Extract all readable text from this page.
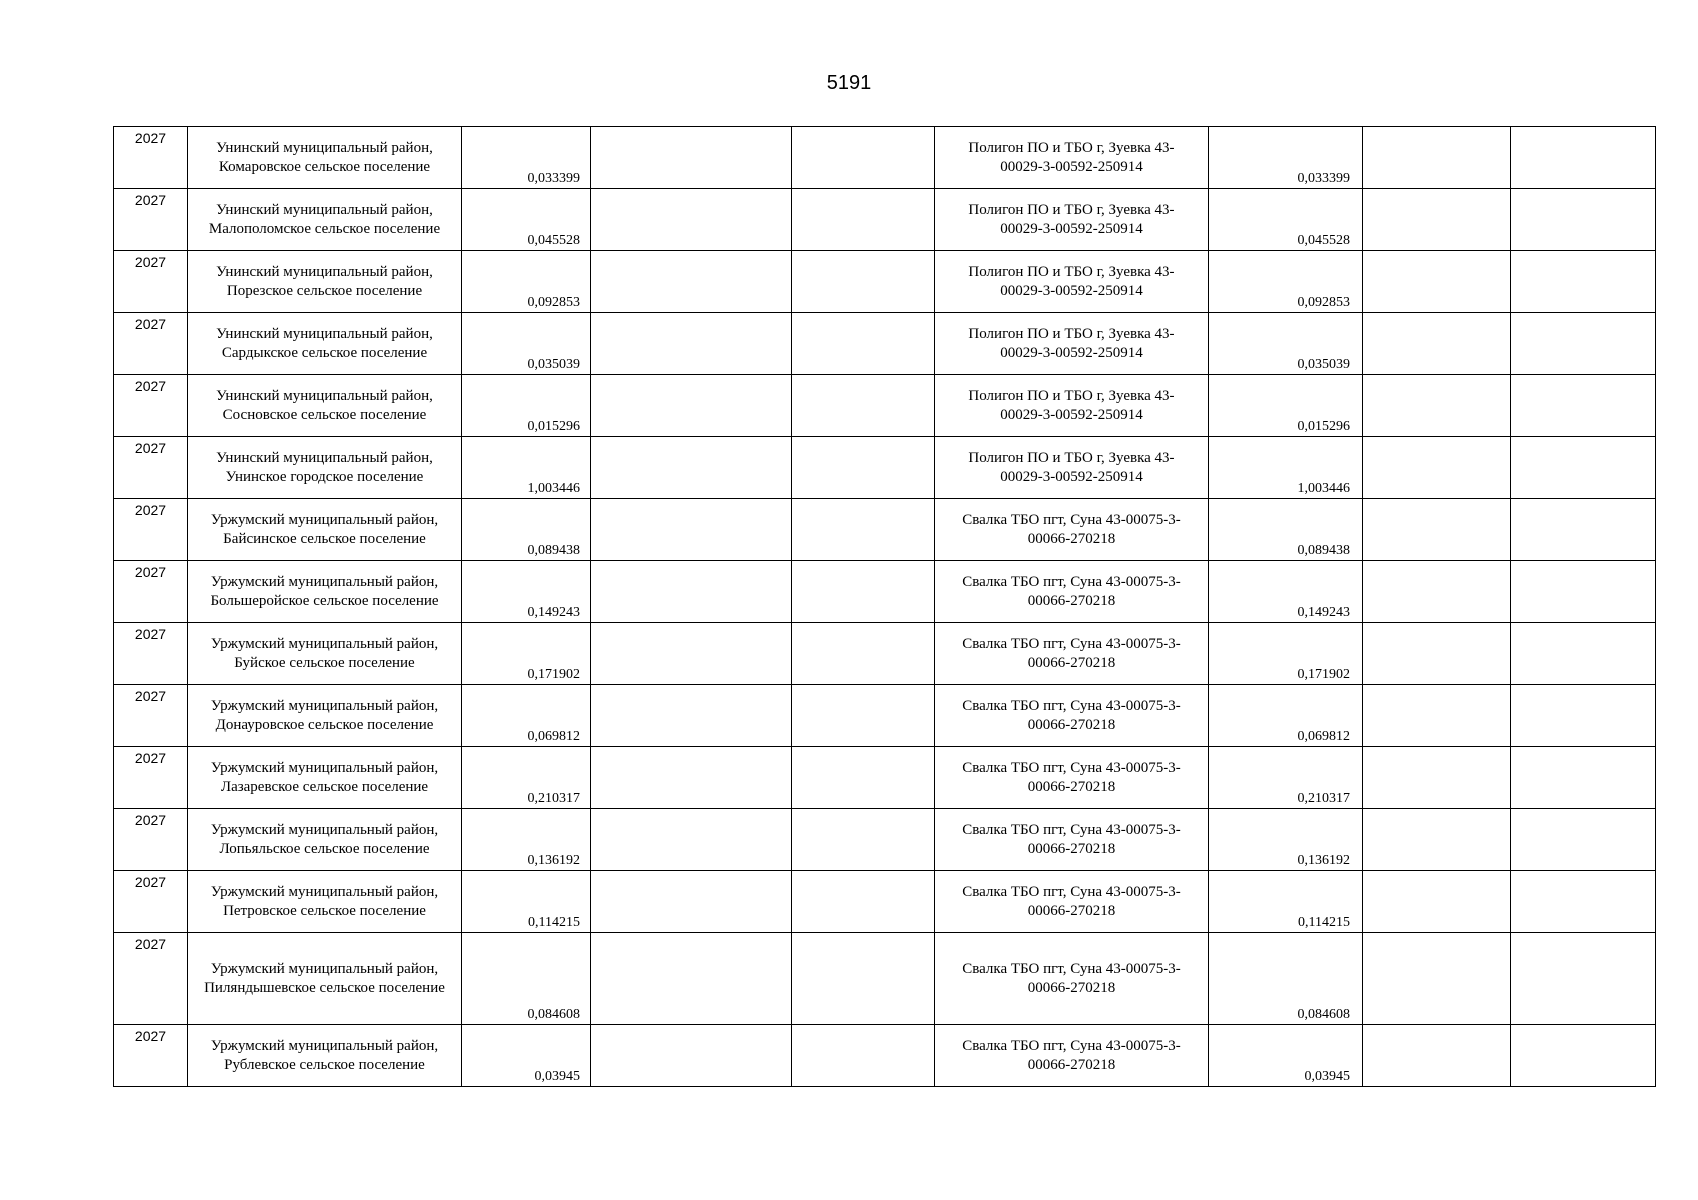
5191
2027	Унинский муниципальный район, Комаровское сельское поселение	0,033399			Полигон ПО и ТБО г, Зуевка 43-00029-3-00592-250914	0,033399		

2027	Унинский муниципальный район, Малополомское сельское поселение	0,045528			Полигон ПО и ТБО г, Зуевка 43-00029-3-00592-250914	0,045528		

2027	Унинский муниципальный район, Порезское сельское поселение	0,092853			Полигон ПО и ТБО г, Зуевка 43-00029-3-00592-250914	0,092853		

2027	Унинский муниципальный район, Сардыкское сельское поселение	0,035039			Полигон ПО и ТБО г, Зуевка 43-00029-3-00592-250914	0,035039		

2027	Унинский муниципальный район, Сосновское сельское поселение	0,015296			Полигон ПО и ТБО г, Зуевка 43-00029-3-00592-250914	0,015296		

2027	Унинский муниципальный район, Унинское городское поселение	1,003446			Полигон ПО и ТБО г, Зуевка 43-00029-3-00592-250914	1,003446		

2027	Уржумский муниципальный район, Байсинское сельское поселение	0,089438			Свалка ТБО пгт, Суна 43-00075-3-00066-270218	0,089438		

2027	Уржумский муниципальный район, Большеройское сельское поселение	0,149243			Свалка ТБО пгт, Суна 43-00075-3-00066-270218	0,149243		

2027	Уржумский муниципальный район, Буйское сельское поселение	0,171902			Свалка ТБО пгт, Суна 43-00075-3-00066-270218	0,171902		

2027	Уржумский муниципальный район, Донауровское сельское поселение	0,069812			Свалка ТБО пгт, Суна 43-00075-3-00066-270218	0,069812		

2027	Уржумский муниципальный район, Лазаревское сельское поселение	0,210317			Свалка ТБО пгт, Суна 43-00075-3-00066-270218	0,210317		

2027	Уржумский муниципальный район, Лопьяльское сельское поселение	0,136192			Свалка ТБО пгт, Суна 43-00075-3-00066-270218	0,136192		

2027	Уржумский муниципальный район, Петровское сельское поселение	0,114215			Свалка ТБО пгт, Суна 43-00075-3-00066-270218	0,114215		

2027	Уржумский муниципальный район, Пиляндышевское сельское поселение	0,084608			Свалка ТБО пгт, Суна 43-00075-3-00066-270218	0,084608		

2027	Уржумский муниципальный район, Рублевское сельское поселение	0,03945			Свалка ТБО пгт, Суна 43-00075-3-00066-270218	0,03945		
